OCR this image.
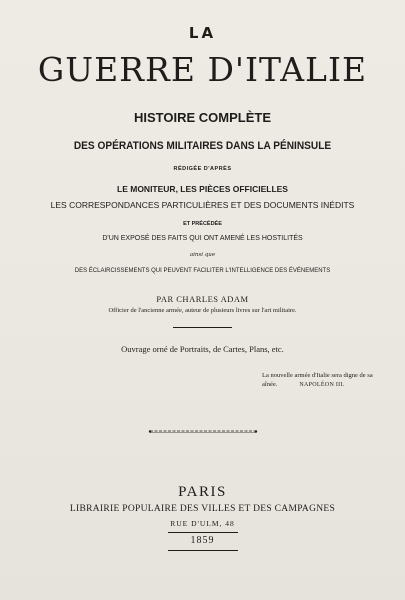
LA
GUERRE D'ITALIE
HISTOIRE COMPLÈTE
DES OPÉRATIONS MILITAIRES DANS LA PÉNINSULE
RÉDIGÉE D'APRÈS
LE MONITEUR, LES PIÈCES OFFICIELLES
LES CORRESPONDANCES PARTICULIÈRES ET DES DOCUMENTS INÉDITS
ET PRÉCÉDÉE
D'UN EXPOSÉ DES FAITS QUI ONT AMENÉ LES HOSTILITÉS
ainsi que
DES ÉCLAIRCISSEMENTS QUI PEUVENT FACILITER L'INTELLIGENCE DES ÉVÉNEMENTS
PAR CHARLES ADAM
Officier de l'ancienne armée, auteur de plusieurs livres sur l'art militaire.
Ouvrage orné de Portraits, de Cartes, Plans, etc.
La nouvelle armée d'Italie sera digne de sa
aînée.	NAPOLÉON III.
PARIS
LIBRAIRIE POPULAIRE DES VILLES ET DES CAMPAGNES
RUE D'ULM, 48
1859
